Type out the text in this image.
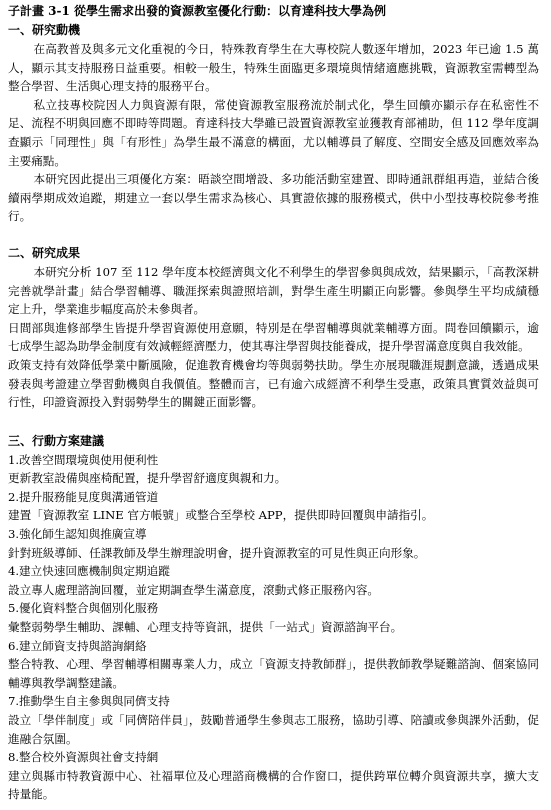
子計畫 3-1 從學生需求出發的資源教室優化行動：以育達科技大學為例
一、研究動機
在高教普及與多元文化重視的今日，特殊教育學生在大專校院人數逐年增加，2023 年已逾 1.5 萬人，顯示其支持服務日益重要。相較一般生，特殊生面臨更多環境與情緒適應挑戰，資源教室需轉型為整合學習、生活與心理支持的服務平台。
私立技專校院因人力與資源有限，常使資源教室服務流於制式化，學生回饋亦顯示存在私密性不足、流程不明與回應不即時等問題。育達科技大學雖已設置資源教室並獲教育部補助，但 112 學年度調查顯示「同理性」與「有形性」為學生最不滿意的構面，尤以輔導員了解度、空間安全感及回應效率為主要痛點。
本研究因此提出三項優化方案：晤談空間增設、多功能活動室建置、即時通訊群組再造，並結合後續兩學期成效追蹤，期建立一套以學生需求為核心、具實證依據的服務模式，供中小型技專校院參考推行。
二、研究成果
本研究分析 107 至 112 學年度本校經濟與文化不利學生的學習參與與成效，結果顯示，「高教深耕完善就學計畫」結合學習輔導、職涯探索與證照培訓，對學生產生明顯正向影響。參與學生平均成績穩定上升，學業進步幅度高於未參與者。
日間部與進修部學生皆提升學習資源使用意願，特別是在學習輔導與就業輔導方面。問卷回饋顯示，逾七成學生認為助學金制度有效減輕經濟壓力，使其專注學習與技能養成，提升學習滿意度與自我效能。
政策支持有效降低學業中斷風險，促進教育機會均等與弱勢扶助。學生亦展現職涯規劃意識，透過成果發表與考證建立學習動機與自我價值。整體而言，已有逾六成經濟不利學生受惠，政策具實質效益與可行性，印證資源投入對弱勢學生的關鍵正面影響。
三、行動方案建議
1.改善空間環境與使用便利性
更新教室設備與座椅配置，提升學習舒適度與親和力。
2.提升服務能見度與溝通管道
建置「資源教室 LINE 官方帳號」或整合至學校 APP，提供即時回覆與申請指引。
3.強化師生認知與推廣宣導
針對班級導師、任課教師及學生辦理說明會，提升資源教室的可見性與正向形象。
4.建立快速回應機制與定期追蹤
設立專人處理諮詢回覆，並定期調查學生滿意度，滾動式修正服務內容。
5.優化資料整合與個別化服務
彙整弱勢學生輔助、課輔、心理支持等資訊，提供「一站式」資源諮詢平台。
6.建立師資支持與諮詢網絡
整合特教、心理、學習輔導相關專業人力，成立「資源支持教師群」，提供教師教學疑難諮詢、個案協同輔導與教學調整建議。
7.推動學生自主參與與同儕支持
設立「學伴制度」或「同儕陪伴員」，鼓勵普通學生參與志工服務，協助引導、陪讀或參與課外活動，促進融合氛圍。
8.整合校外資源與社會支持網
建立與縣市特教資源中心、社福單位及心理諮商機構的合作窗口，提供跨單位轉介與資源共享，擴大支持量能。
